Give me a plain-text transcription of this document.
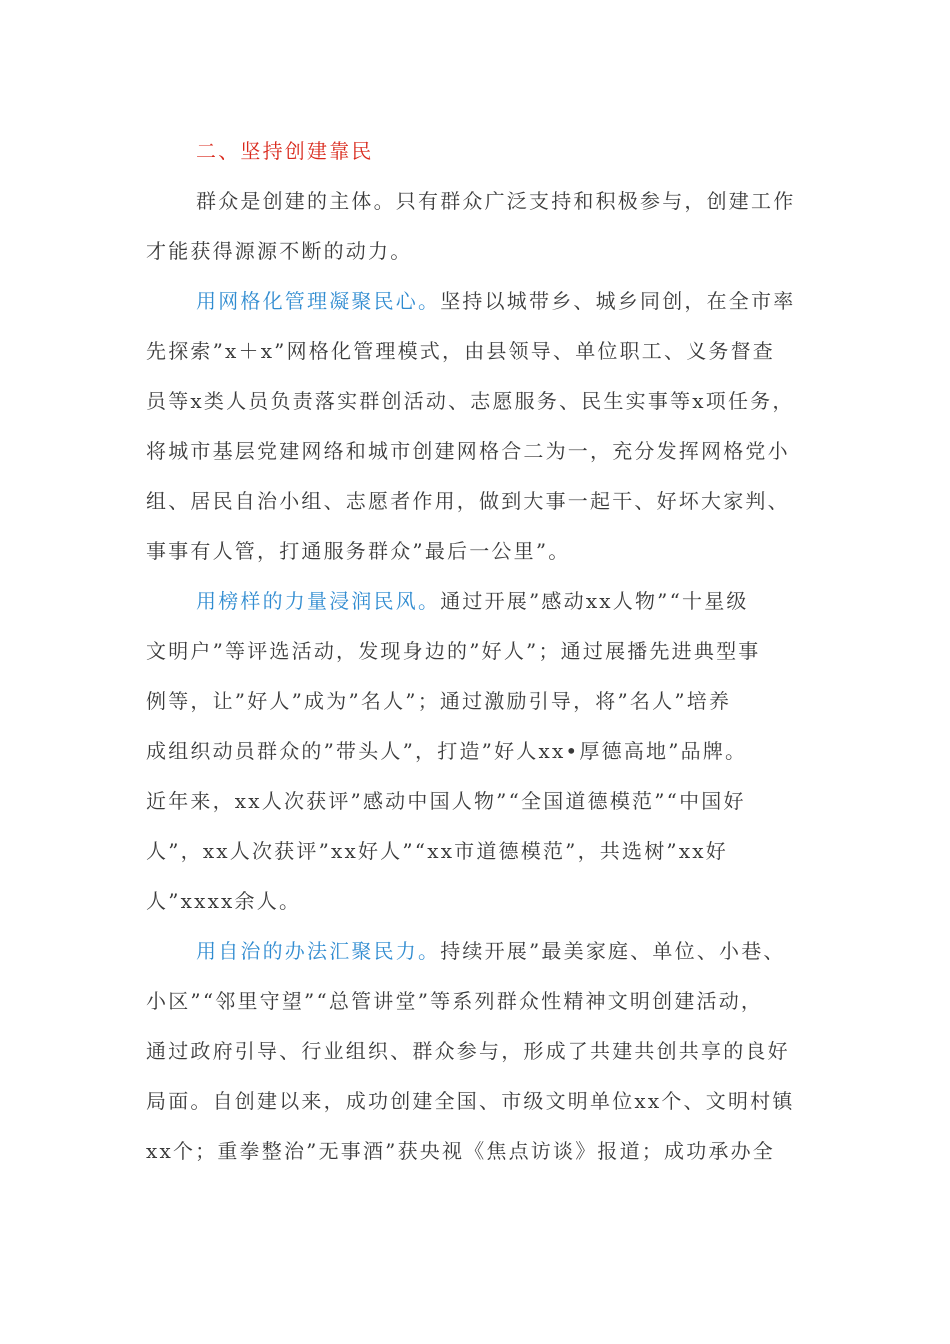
二、坚持创建靠民
群众是创建的主体。只有群众广泛支持和积极参与，创建工作
才能获得源源不断的动力。
用网格化管理凝聚民心。坚持以城带乡、城乡同创，在全市率
先探索”x＋x”网格化管理模式，由县领导、单位职工、义务督查
员等x类人员负责落实群创活动、志愿服务、民生实事等x项任务，
将城市基层党建网络和城市创建网格合二为一，充分发挥网格党小
组、居民自治小组、志愿者作用，做到大事一起干、好坏大家判、
事事有人管，打通服务群众”最后一公里”。
用榜样的力量浸润民风。通过开展”感动xx人物”“十星级
文明户”等评选活动，发现身边的”好人”；通过展播先进典型事
例等，让”好人”成为”名人”；通过激励引导，将”名人”培养
成组织动员群众的”带头人”，打造”好人xx•厚德高地”品牌。
近年来，xx人次获评”感动中国人物”“全国道德模范”“中国好
人”，xx人次获评”xx好人”“xx市道德模范”，共选树”xx好
人”xxxx余人。
用自治的办法汇聚民力。持续开展”最美家庭、单位、小巷、
小区”“邻里守望”“总管讲堂”等系列群众性精神文明创建活动，
通过政府引导、行业组织、群众参与，形成了共建共创共享的良好
局面。自创建以来，成功创建全国、市级文明单位xx个、文明村镇
xx个；重拳整治”无事酒”获央视《焦点访谈》报道；成功承办全
